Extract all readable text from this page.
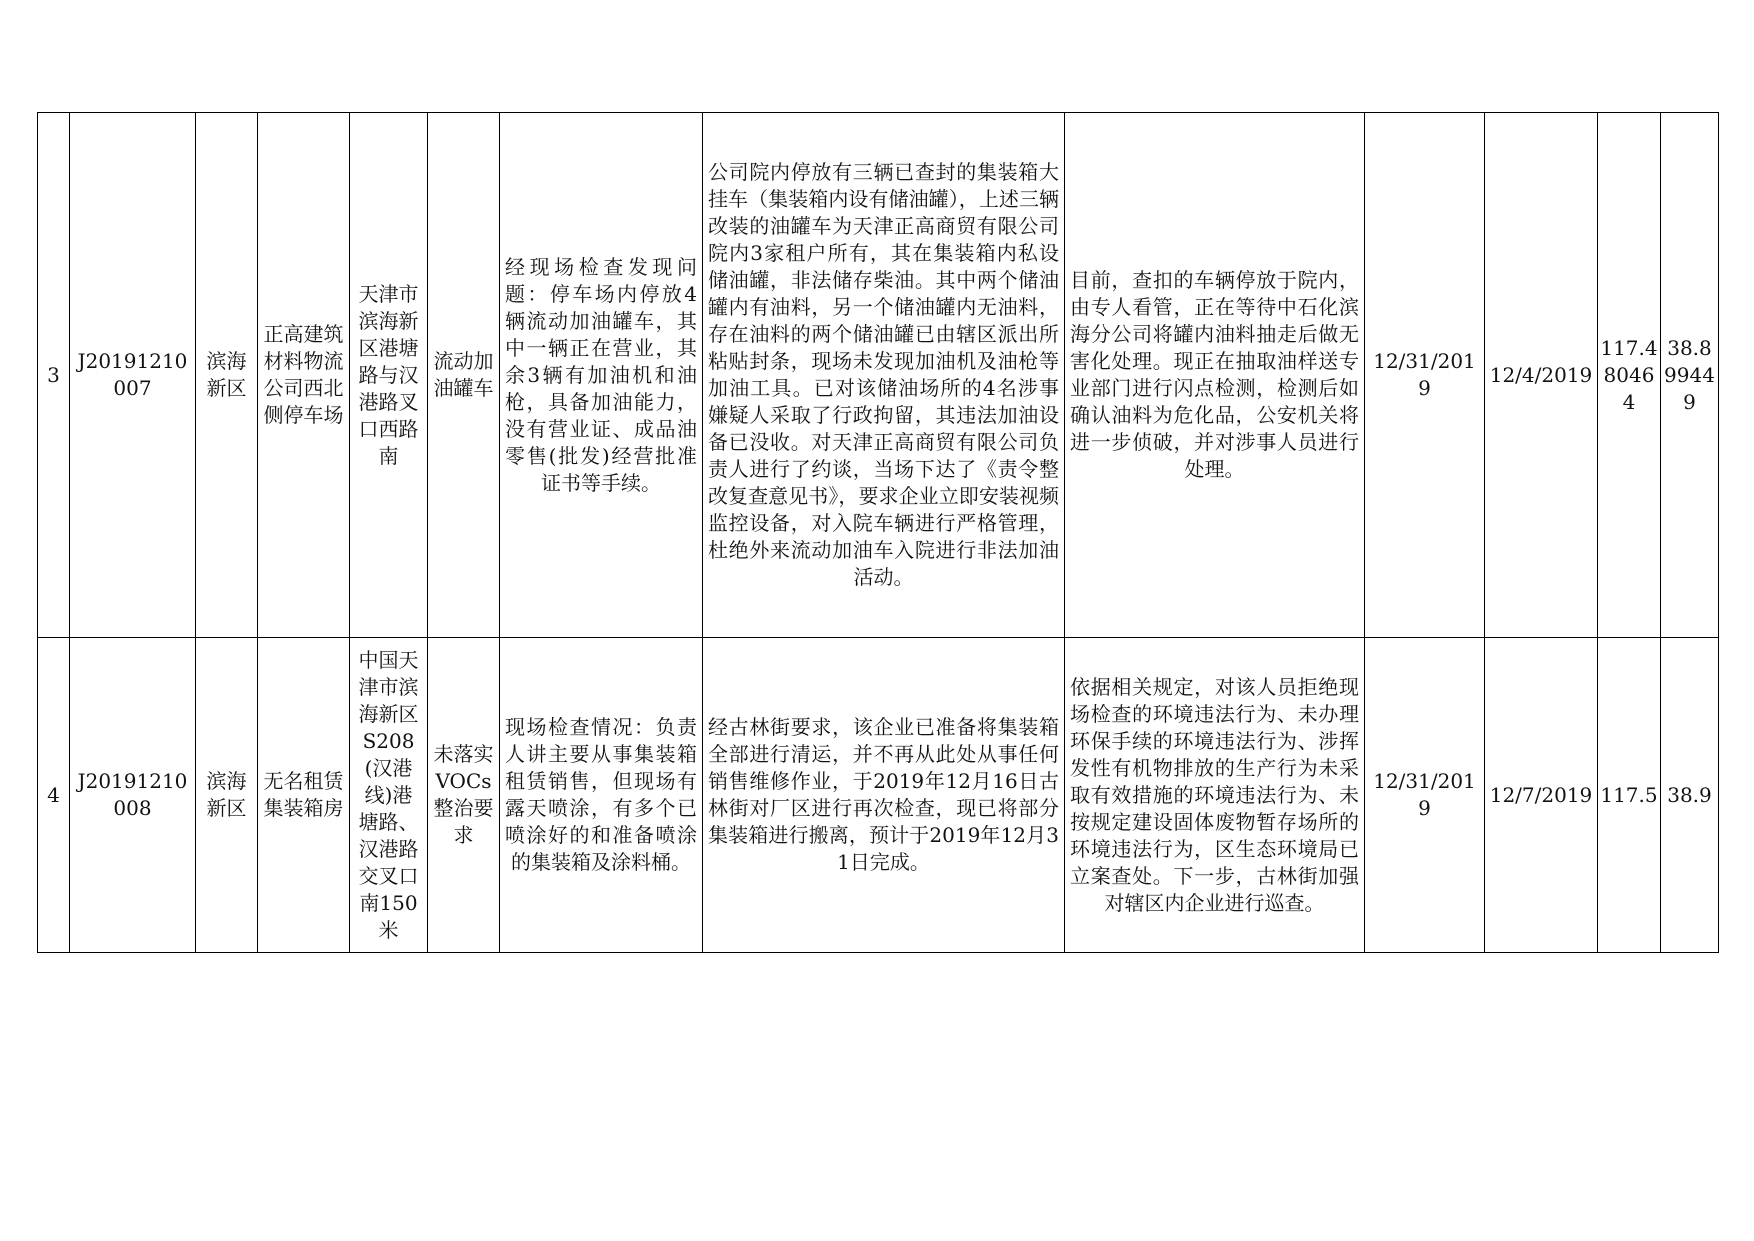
3	J20191210007	滨海新区	正高建筑材料物流公司西北侧停车场	天津市滨海新区港塘路与汉港路叉口西路南	流动加油罐车	经现场检查发现问题：停车场内停放4辆流动加油罐车，其中一辆正在营业，其余3辆有加油机和油枪，具备加油能力，没有营业证、成品油零售(批发)经营批准证书等手续。	公司院内停放有三辆已查封的集装箱大挂车（集装箱内设有储油罐），上述三辆改装的油罐车为天津正高商贸有限公司院内3家租户所有，其在集装箱内私设储油罐，非法储存柴油。其中两个储油罐内有油料，另一个储油罐内无油料，存在油料的两个储油罐已由辖区派出所粘贴封条，现场未发现加油机及油枪等加油工具。已对该储油场所的4名涉事嫌疑人采取了行政拘留，其违法加油设备已没收。对天津正高商贸有限公司负责人进行了约谈，当场下达了《责令整改复查意见书》，要求企业立即安装视频监控设备，对入院车辆进行严格管理，杜绝外来流动加油车入院进行非法加油活动。	目前，查扣的车辆停放于院内，由专人看管，正在等待中石化滨海分公司将罐内油料抽走后做无害化处理。现正在抽取油样送专业部门进行闪点检测，检测后如确认油料为危化品，公安机关将进一步侦破，并对涉事人员进行处理。	12/31/2019	12/4/2019	117.480464	38.899449
4	J20191210008	滨海新区	无名租赁集装箱房	中国天津市滨海新区S208(汉港线)港塘路、汉港路交叉口南150米	未落实VOCs整治要求	现场检查情况：负责人讲主要从事集装箱租赁销售，但现场有露天喷涂，有多个已喷涂好的和准备喷涂的集装箱及涂料桶。	经古林街要求，该企业已准备将集装箱全部进行清运，并不再从此处从事任何销售维修作业，于2019年12月16日古林街对厂区进行再次检查，现已将部分集装箱进行搬离，预计于2019年12月31日完成。	依据相关规定，对该人员拒绝现场检查的环境违法行为、未办理环保手续的环境违法行为、涉挥发性有机物排放的生产行为未采取有效措施的环境违法行为、未按规定建设固体废物暂存场所的环境违法行为，区生态环境局已立案查处。下一步，古林街加强对辖区内企业进行巡查。	12/31/2019	12/7/2019	117.5	38.9
